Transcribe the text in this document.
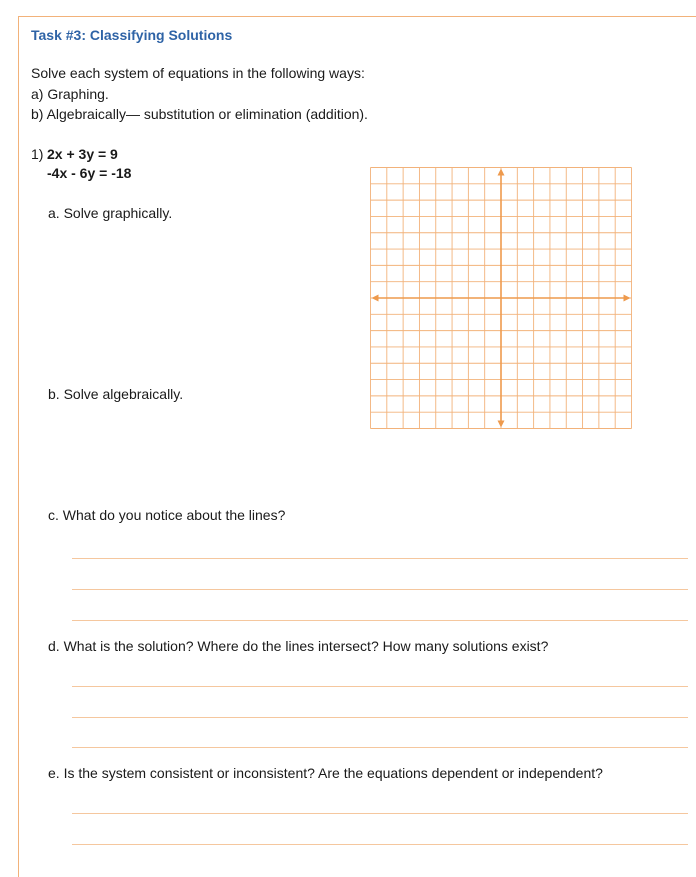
Task #3: Classifying Solutions
Solve each system of equations in the following ways:
a) Graphing.
b) Algebraically— substitution or elimination (addition).
1) 2x + 3y = 9
-4x - 6y = -18
a. Solve graphically.
b. Solve algebraically.
c. What do you notice about the lines?
d. What is the solution? Where do the lines intersect? How many solutions exist?
e. Is the system consistent or inconsistent? Are the equations dependent or independent?
